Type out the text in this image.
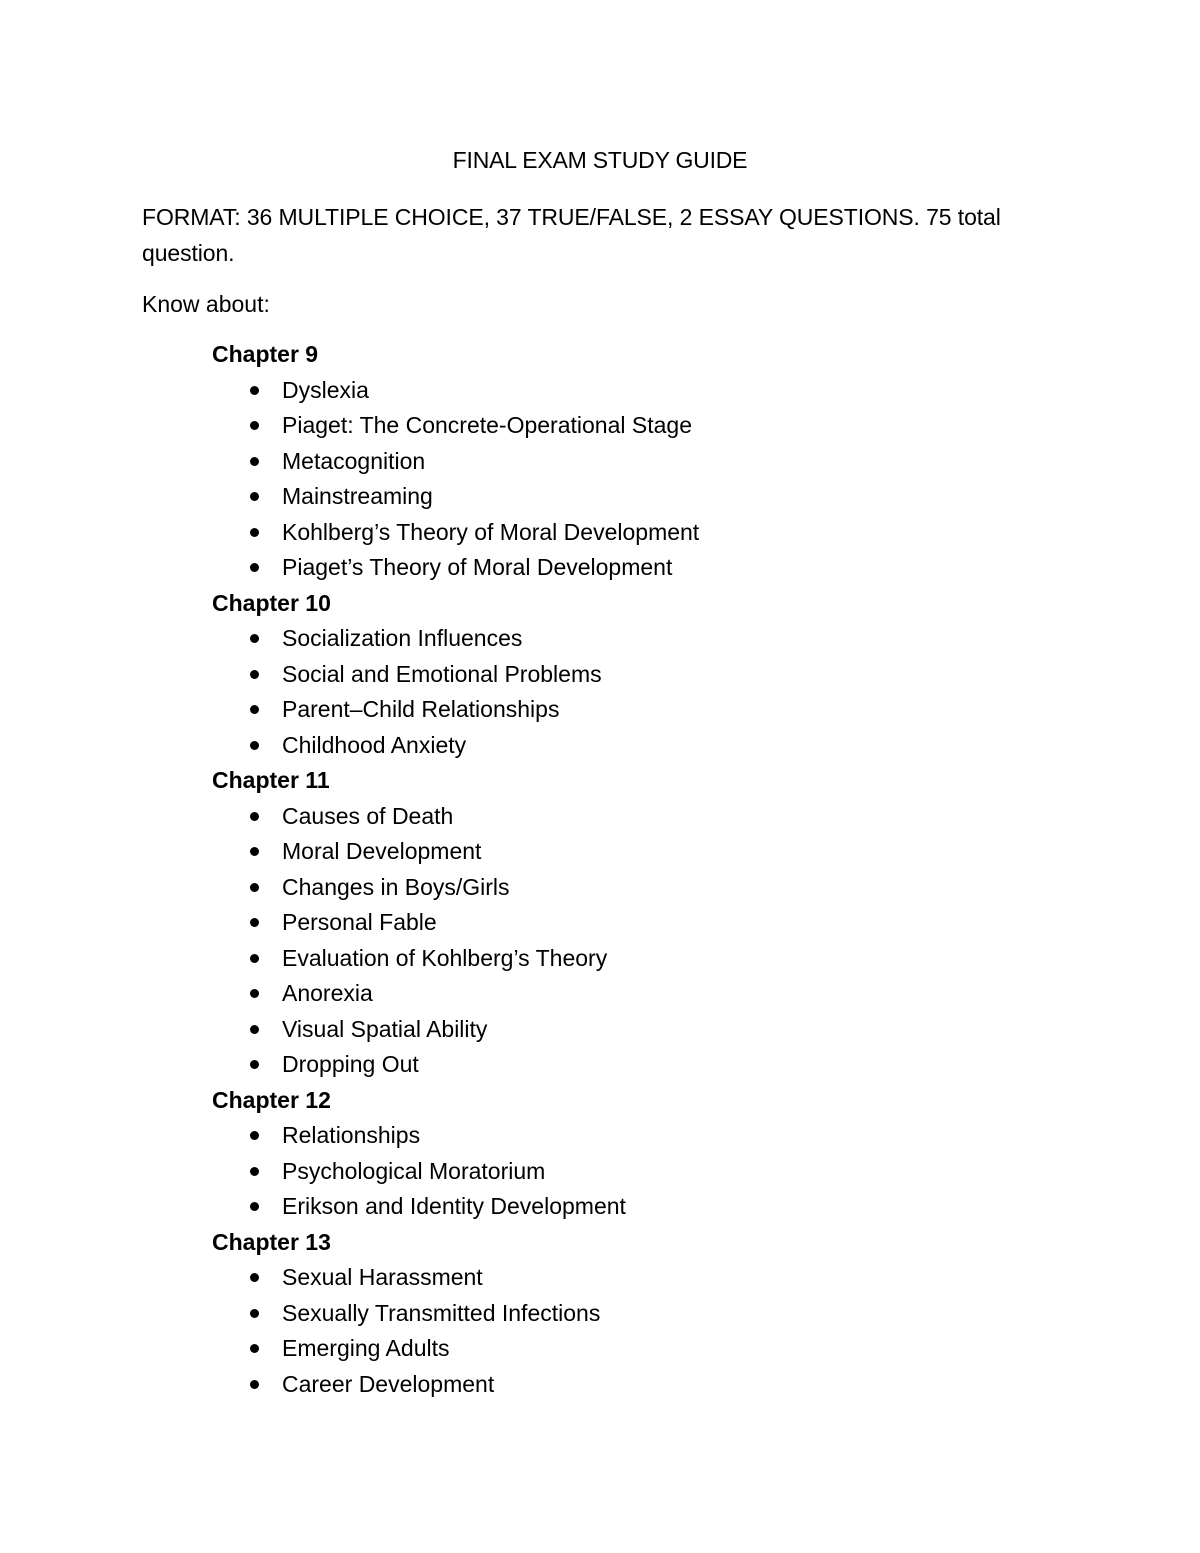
FINAL EXAM STUDY GUIDE
FORMAT: 36 MULTIPLE CHOICE, 37 TRUE/FALSE, 2 ESSAY QUESTIONS. 75 total question.
Know about:
Chapter 9
Dyslexia
Piaget: The Concrete-Operational Stage
Metacognition
Mainstreaming
Kohlberg’s Theory of Moral Development
Piaget’s Theory of Moral Development
Chapter 10
Socialization Influences
Social and Emotional Problems
Parent–Child Relationships
Childhood Anxiety
Chapter 11
Causes of Death
Moral Development
Changes in Boys/Girls
Personal Fable
Evaluation of Kohlberg’s Theory
Anorexia
Visual Spatial Ability
Dropping Out
Chapter 12
Relationships
Psychological Moratorium
Erikson and Identity Development
Chapter 13
Sexual Harassment
Sexually Transmitted Infections
Emerging Adults
Career Development
